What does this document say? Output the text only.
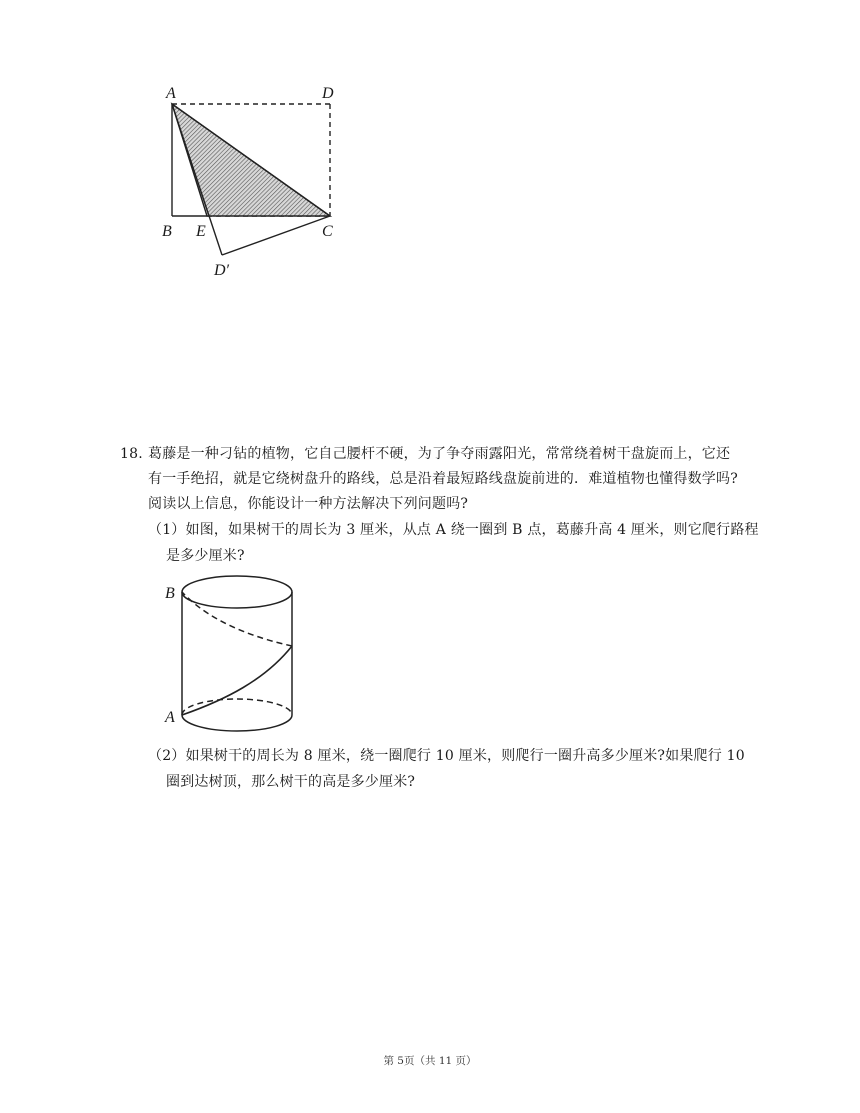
A	D
B E	C
D′
18. 葛藤是一种刁钻的植物，它自己腰杆不硬，为了争夺雨露阳光，常常绕着树干盘旋而上，它还
有一手绝招，就是它绕树盘升的路线，总是沿着最短路线盘旋前进的．难道植物也懂得数学吗?
阅读以上信息，你能设计一种方法解决下列问题吗?
（1）如图，如果树干的周长为 3 厘米，从点 A 绕一圈到 B 点，葛藤升高 4 厘米，则它爬行路程
是多少厘米?
B
A
（2）如果树干的周长为 8 厘米，绕一圈爬行 10 厘米，则爬行一圈升高多少厘米?如果爬行 10
圈到达树顶，那么树干的高是多少厘米?
第 5页（共 11 页）
